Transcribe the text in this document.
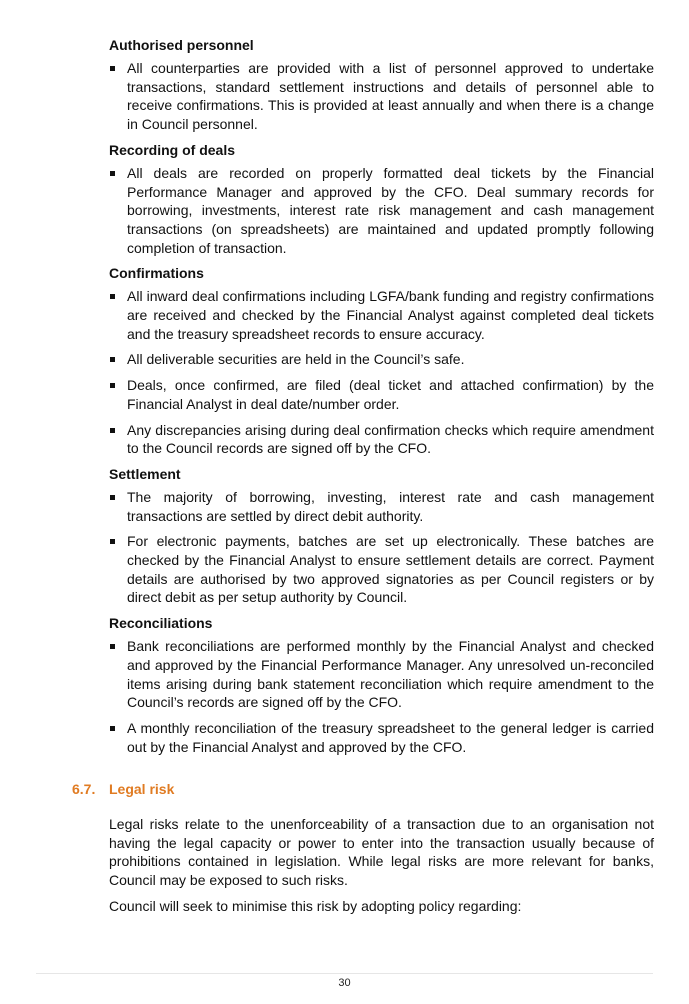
Authorised personnel
All counterparties are provided with a list of personnel approved to undertake transactions, standard settlement instructions and details of personnel able to receive confirmations. This is provided at least annually and when there is a change in Council personnel.
Recording of deals
All deals are recorded on properly formatted deal tickets by the Financial Performance Manager and approved by the CFO. Deal summary records for borrowing, investments, interest rate risk management and cash management transactions (on spreadsheets) are maintained and updated promptly following completion of transaction.
Confirmations
All inward deal confirmations including LGFA/bank funding and registry confirmations are received and checked by the Financial Analyst against completed deal tickets and the treasury spreadsheet records to ensure accuracy.
All deliverable securities are held in the Council’s safe.
Deals, once confirmed, are filed (deal ticket and attached confirmation) by the Financial Analyst in deal date/number order.
Any discrepancies arising during deal confirmation checks which require amendment to the Council records are signed off by the CFO.
Settlement
The majority of borrowing, investing, interest rate and cash management transactions are settled by direct debit authority.
For electronic payments, batches are set up electronically. These batches are checked by the Financial Analyst to ensure settlement details are correct. Payment details are authorised by two approved signatories as per Council registers or by direct debit as per setup authority by Council.
Reconciliations
Bank reconciliations are performed monthly by the Financial Analyst and checked and approved by the Financial Performance Manager. Any unresolved un-reconciled items arising during bank statement reconciliation which require amendment to the Council’s records are signed off by the CFO.
A monthly reconciliation of the treasury spreadsheet to the general ledger is carried out by the Financial Analyst and approved by the CFO.
6.7. Legal risk

Legal risks relate to the unenforceability of a transaction due to an organisation not having the legal capacity or power to enter into the transaction usually because of prohibitions contained in legislation. While legal risks are more relevant for banks, Council may be exposed to such risks.

Council will seek to minimise this risk by adopting policy regarding:

30
